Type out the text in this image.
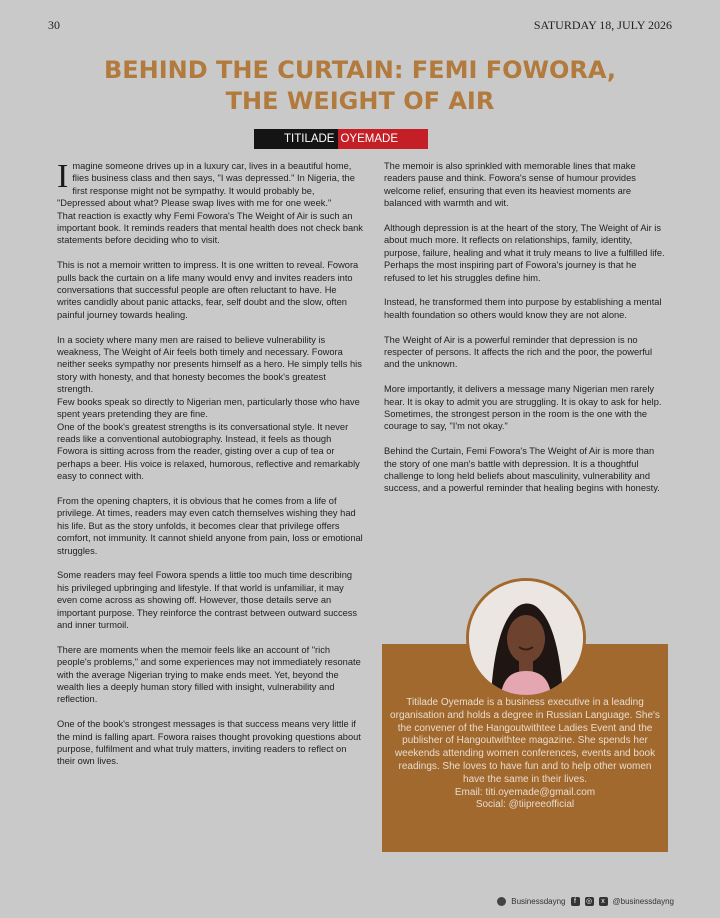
30	SATURDAY 18, JULY 2026
BEHIND THE CURTAIN: FEMI FOWORA,
THE WEIGHT OF AIR
TITILADE OYEMADE

Imagine someone drives up in a luxury car, lives in a beautiful home, flies business class and then says, "I was depressed." In Nigeria, the first response might not be sympathy. It would probably be, "Depressed about what? Please swap lives with me for one week."

That reaction is exactly why Femi Fowora's The Weight of Air is such an important book. It reminds readers that mental health does not check bank statements before deciding who to visit.

This is not a memoir written to impress. It is one written to reveal. Fowora pulls back the curtain on a life many would envy and invites readers into conversations that successful people are often reluctant to have. He writes candidly about panic attacks, fear, self doubt and the slow, often painful journey towards healing.

In a society where many men are raised to believe vulnerability is weakness, The Weight of Air feels both timely and necessary. Fowora neither seeks sympathy nor presents himself as a hero. He simply tells his story with honesty, and that honesty becomes the book's greatest strength.

Few books speak so directly to Nigerian men, particularly those who have spent years pretending they are fine.

One of the book's greatest strengths is its conversational style. It never reads like a conventional autobiography. Instead, it feels as though Fowora is sitting across from the reader, gisting over a cup of tea or perhaps a beer. His voice is relaxed, humorous, reflective and remarkably easy to connect with.

From the opening chapters, it is obvious that he comes from a life of privilege. At times, readers may even catch themselves wishing they had his life. But as the story unfolds, it becomes clear that privilege offers comfort, not immunity. It cannot shield anyone from pain, loss or emotional struggles.

Some readers may feel Fowora spends a little too much time describing his privileged upbringing and lifestyle. If that world is unfamiliar, it may even come across as showing off. However, those details serve an important purpose. They reinforce the contrast between outward success and inner turmoil.

There are moments when the memoir feels like an account of "rich people's problems," and some experiences may not immediately resonate with the average Nigerian trying to make ends meet. Yet, beyond the wealth lies a deeply human story filled with insight, vulnerability and reflection.

One of the book's strongest messages is that success means very little if the mind is falling apart. Fowora raises thought provoking questions about purpose, fulfilment and what truly matters, inviting readers to reflect on their own lives.

The memoir is also sprinkled with memorable lines that make readers pause and think. Fowora's sense of humour provides welcome relief, ensuring that even its heaviest moments are balanced with warmth and wit.

Although depression is at the heart of the story, The Weight of Air is about much more. It reflects on relationships, family, identity, purpose, failure, healing and what it truly means to live a fulfilled life. Perhaps the most inspiring part of Fowora's journey is that he refused to let his struggles define him.

Instead, he transformed them into purpose by establishing a mental health foundation so others would know they are not alone.

The Weight of Air is a powerful reminder that depression is no respecter of persons. It affects the rich and the poor, the powerful and the unknown.

More importantly, it delivers a message many Nigerian men rarely hear. It is okay to admit you are struggling. It is okay to ask for help. Sometimes, the strongest person in the room is the one with the courage to say, "I'm not okay."

Behind the Curtain, Femi Fowora's The Weight of Air is more than the story of one man's battle with depression. It is a thoughtful challenge to long held beliefs about masculinity, vulnerability and success, and a powerful reminder that healing begins with honesty.

Titilade Oyemade is a business executive in a leading organisation and holds a degree in Russian Language. She's the convener of the Hangoutwithtee Ladies Event and the publisher of Hangoutwithtee magazine. She spends her weekends attending women conferences, events and book readings. She loves to have fun and to help other women have the same in their lives.
Email: titi.oyemade@gmail.com
Social: @tiipreeofficial
Businessdayng	f	◎	x @businessdayng
